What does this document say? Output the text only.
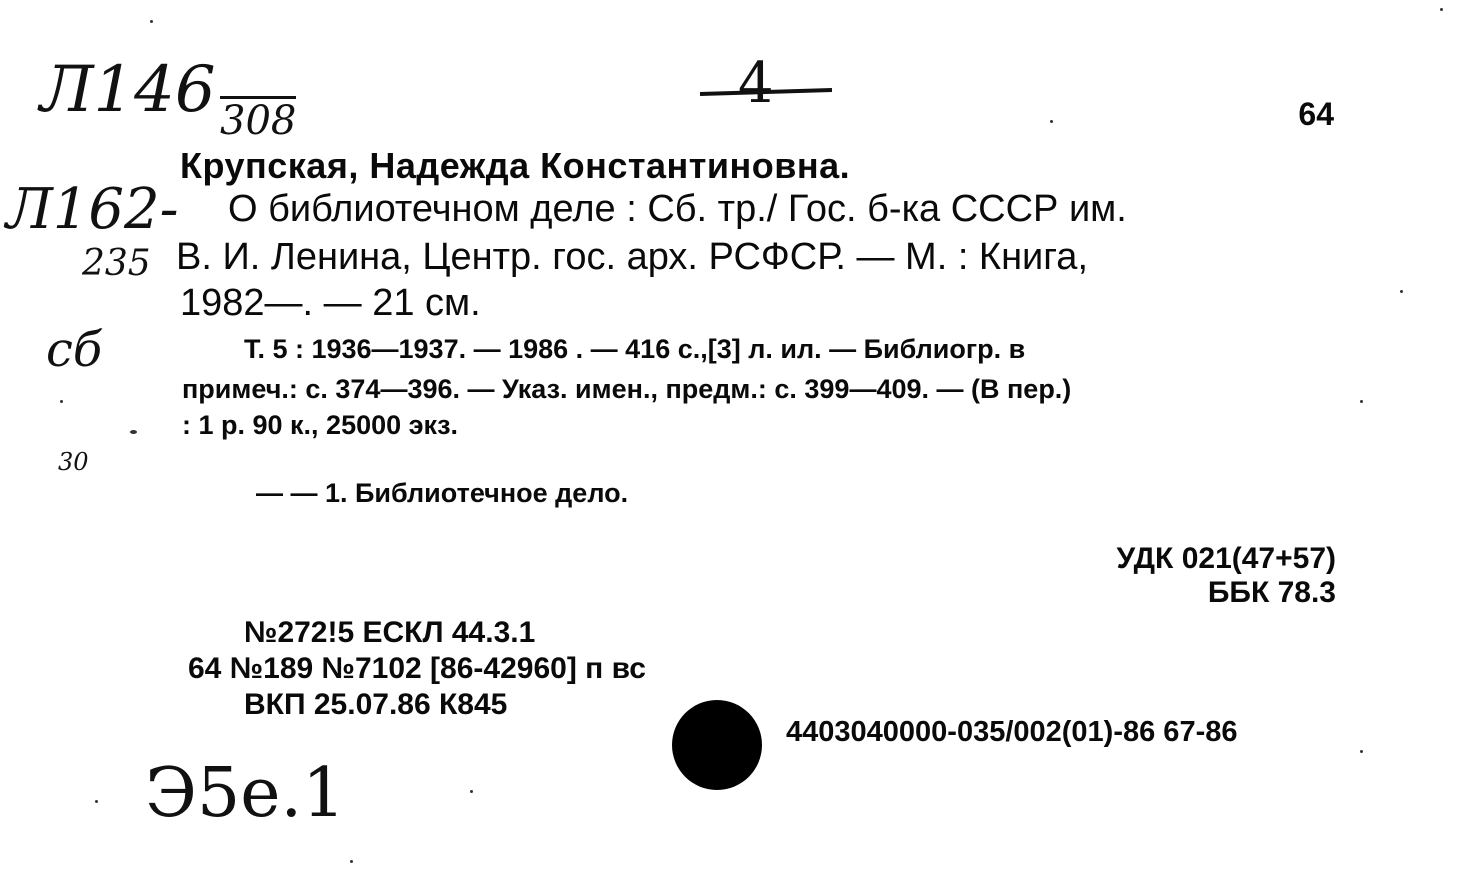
Л146 308
4
Л162-
235
сб
30
Э5е.1
64
Крупская, Надежда Константиновна.
О библиотечном деле : Сб. тр./ Гос. б-ка СССР им.
В. И. Ленина, Центр. гос. арх. РСФСР. — М. : Книга,
1982—. — 21 см.
Т. 5 : 1936—1937. — 1986 . — 416 с.,[3] л. ил. — Библиогр. в
примеч.: с. 374—396. — Указ. имен., предм.: с. 399—409. — (В пер.)
: 1 р. 90 к., 25000 экз.
— — 1. Библиотечное дело.
УДК 021(47+57)
ББК 78.3
№272!5 ЕСКЛ 44.3.1
64 №189 №7102 [86-42960] п вс
ВКП 25.07.86 К845
4403040000-035/002(01)-86 67-86
